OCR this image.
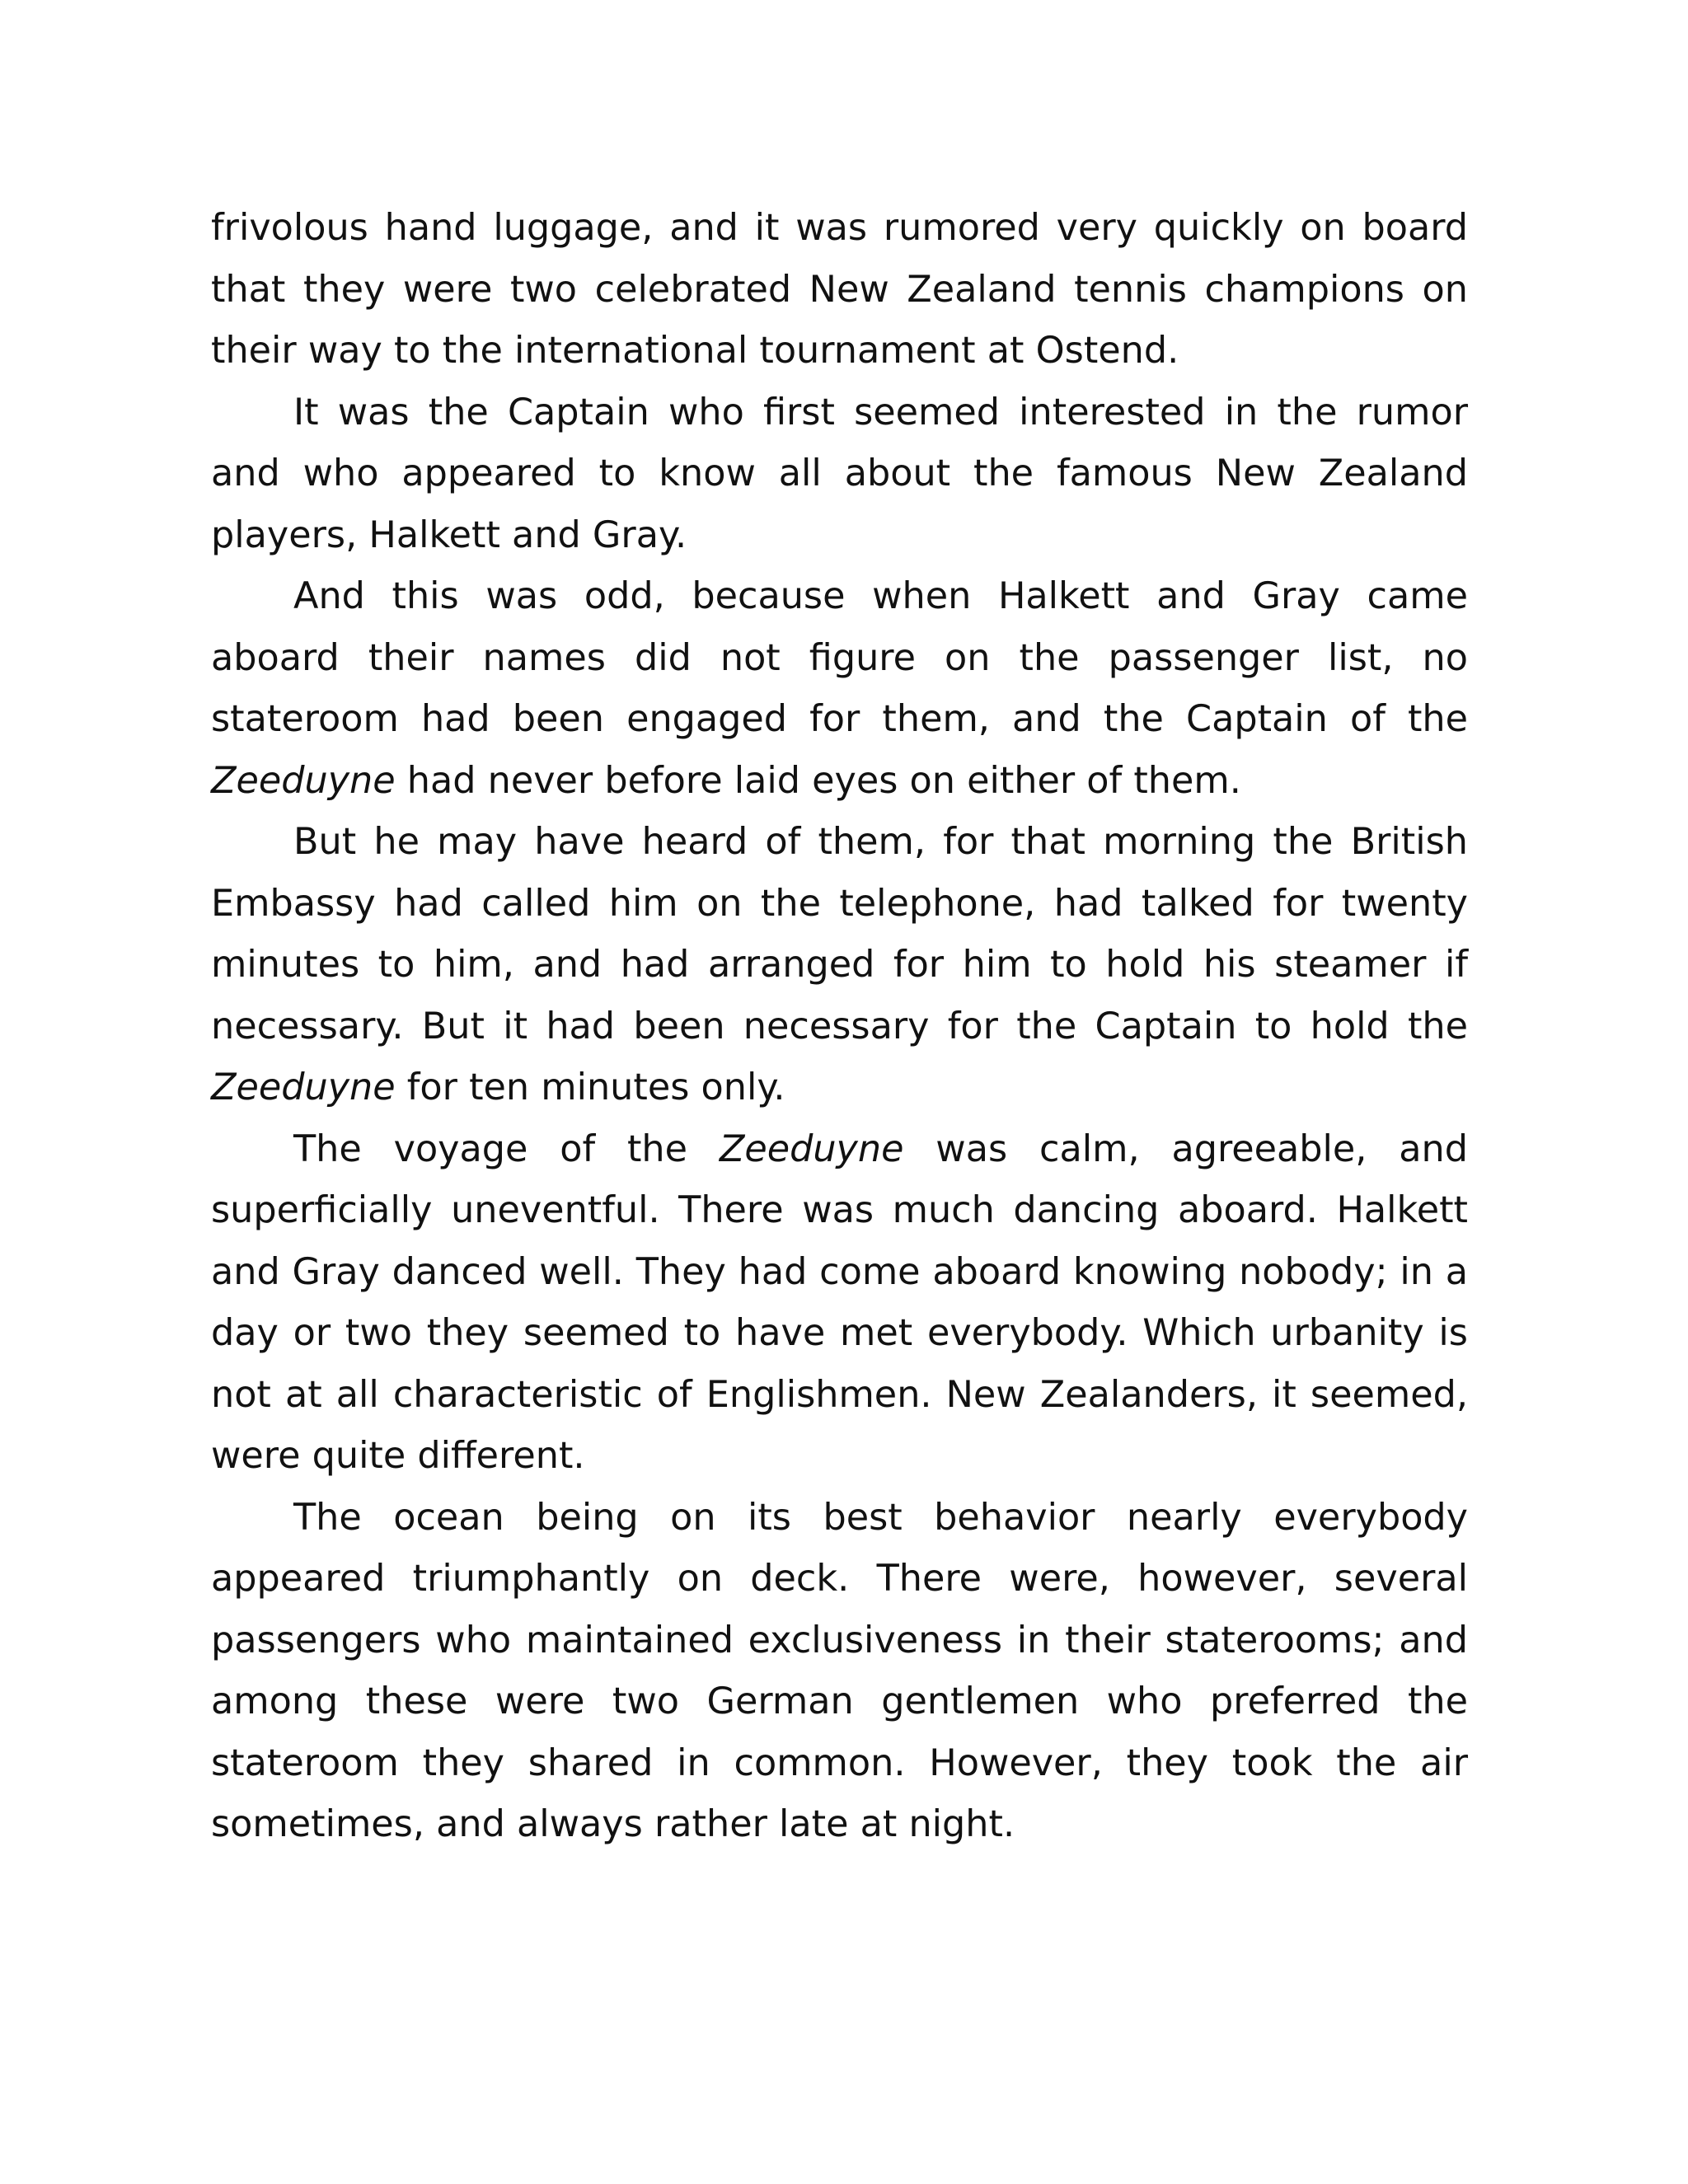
frivolous hand luggage, and it was rumored very quickly on board that they were two celebrated New Zealand tennis champions on their way to the international tournament at Ostend.

It was the Captain who first seemed interested in the rumor and who appeared to know all about the famous New Zealand players, Halkett and Gray.

And this was odd, because when Halkett and Gray came aboard their names did not figure on the passenger list, no stateroom had been engaged for them, and the Captain of the Zeeduyne had never before laid eyes on either of them.

But he may have heard of them, for that morning the British Embassy had called him on the telephone, had talked for twenty minutes to him, and had arranged for him to hold his steamer if necessary. But it had been necessary for the Captain to hold the Zeeduyne for ten minutes only.

The voyage of the Zeeduyne was calm, agreeable, and superficially uneventful. There was much dancing aboard. Halkett and Gray danced well. They had come aboard knowing nobody; in a day or two they seemed to have met everybody. Which urbanity is not at all characteristic of Englishmen. New Zealanders, it seemed, were quite different.

The ocean being on its best behavior nearly everybody appeared triumphantly on deck. There were, however, several passengers who maintained exclusiveness in their staterooms; and among these were two German gentlemen who preferred the stateroom they shared in common. However, they took the air sometimes, and always rather late at night.
